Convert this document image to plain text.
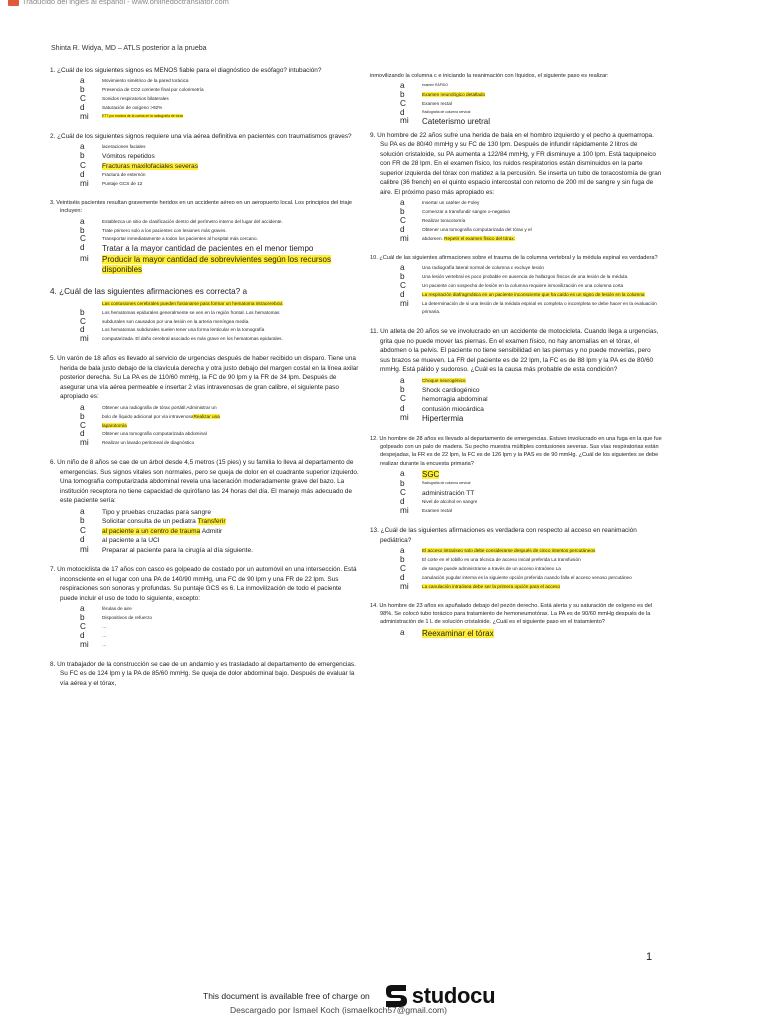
Traducido del inglés al español - www.onlinedoctranslator.com
Shinta R. Widya, MD – ATLS posterior a la prueba
1. ¿Cuál de los siguientes signos es MENOS fiable para el diagnóstico de esófago? intubación?
a	Movimiento simétrico de la pared torácica
b	Presencia de CO2 corriente final por colorimetría
C	Sonidos respiratorios bilaterales
d	Saturación de oxígeno >92%
mi	ETT por encima de la carina en la radiografía de tórax
2. ¿Cuál de los siguientes signos requiere una vía aérea definitiva en pacientes con traumatismos graves?
a	laceraciones faciales
b	Vómitos repetidos
C	Fracturas maxilofaciales severas
d	Fractura de esternón
mi	Puntaje GCS de 12
3. Veintiséis pacientes resultan gravemente heridos en un accidente aéreo en un aeropuerto local. Los principios del triaje incluyen:
a	Establezca un sitio de clasificación dentro del perímetro interno del lugar del accidente.
b	Trate primero solo a los pacientes con lesiones más graves.
C	Transportar inmediatamente a todos los pacientes al hospital más cercano.
d	Tratar a la mayor cantidad de pacientes en el menor tiempo
mi	Producir la mayor cantidad de sobrevivientes según los recursos disponibles
4. ¿Cuál de las siguientes afirmaciones es correcta? a
Las contusiones cerebrales pueden fusionarse para formar un hematoma intracerebral.
b	Los hematomas epidurales generalmente se ven en la región frontal. Los hematomas
C	subdurales son causados por una lesión en la arteria meníngea media.
d	Los hematomas subdurales suelen tener una forma lenticular en la tomografía
mi	computarizada. El daño cerebral asociado es más grave en los hematomas epidurales.
5. Un varón de 18 años es llevado al servicio de urgencias después de haber recibido un disparo. Tiene una herida de bala justo debajo de la clavícula derecha y otra justo debajo del margen costal en la línea axilar posterior derecha. Su La PA es de 110/60 mmHg, la FC de 90 lpm y la FR de 34 lpm. Después de asegurar una vía aérea permeable e insertar 2 vías intravenosas de gran calibre, el siguiente paso apropiado es:
a	Obtener una radiografía de tórax portátil Administrar un
b	bolo de líquido adicional por vía intravenosaRealizar una
C	laparotomía
d	Obtener una tomografía computarizada abdominal
mi	Realizar un lavado peritoneal de diagnóstico
6. Un niño de 8 años se cae de un árbol desde 4,5 metros (15 pies) y su familia lo lleva al departamento de emergencias. Sus signos vitales son normales, pero se queja de dolor en el cuadrante superior izquierdo. Una tomografía computarizada abdominal revela una laceración moderadamente grave del bazo. La institución receptora no tiene capacidad de quirófano las 24 horas del día. El manejo más adecuado de este paciente sería:
a	Tipo y pruebas cruzadas para sangre
b	Solicitar consulta de un pediatra Transferir
C	al paciente a un centro de trauma Admitir
d	al paciente a la UCI
mi	Preparar al paciente para la cirugía al día siguiente.
7. Un motociclista de 17 años con casco es golpeado de costado por un automóvil en una intersección. Está inconsciente en el lugar con una PA de 140/90 mmHg, una FC de 90 lpm y una FR de 22 lpm. Sus respiraciones son sonoras y profundas. Su puntaje GCS es 6. La inmovilización de todo el paciente puede incluir el uso de todo lo siguiente, excepto:
a	férulas de aire
b	Dispositivos de refuerzo
C	…
d	…
mi	…
8. Un trabajador de la construcción se cae de un andamio y es trasladado al departamento de emergencias. Su FC es de 124 lpm y la PA de 85/60 mmHg. Se queja de dolor abdominal bajo. Después de evaluar la vía aérea y el tórax,
inmovilizando la columna c e iniciando la reanimación con líquidos, el siguiente paso es realizar:
a	examen RÁPIDO
b	Examen neurológico detallado
C	Examen rectal
d	Radiografía de columna cervical
mi	Cateterismo uretral
9. Un hombre de 22 años sufre una herida de bala en el hombro izquierdo y el pecho a quemarropa. Su PA es de 80/40 mmHg y su FC de 130 lpm. Después de infundir rápidamente 2 litros de solución cristaloide, su PA aumenta a 122/84 mmHg, y FR disminuye a 100 lpm. Está taquipneico con FR de 28 lpm. En el examen físico, los ruidos respiratorios están disminuidos en la parte superior izquierda del tórax con matidez a la percusión. Se inserta un tubo de toracostomía de gran calibre (36 french) en el quinto espacio intercostal con retorno de 200 ml de sangre y sin fuga de aire. El próximo paso más apropiado es:
a	Insertar un catéter de Foley
b	Comenzar a transfundir sangre o-negativa
C	Realizar toracotomía
d	Obtener una tomografía computarizada del tórax y el
mi	abdomen. Repetir el examen físico del tórax.
10. ¿Cuál de las siguientes afirmaciones sobre el trauma de la columna vertebral y la médula espinal es verdadera?
a	Una radiografía lateral normal de columna c excluye lesión
b	Una lesión vertebral es poco probable en ausencia de hallazgos físicos de una lesión de la médula.
C	Un paciente con sospecha de lesión en la columna requiere inmovilización en una columna corta
d	La respiración diafragmática en un paciente inconsciente que ha caído es un signo de lesión en la columna
mi	La determinación de si una lesión de la médula espinal es completa o incompleta se debe hacer en la evaluación primaria.
11. Un atleta de 20 años se ve involucrado en un accidente de motocicleta. Cuando llega a urgencias, grita que no puede mover las piernas. En el examen físico, no hay anomalías en el tórax, el abdomen o la pelvis. El paciente no tiene sensibilidad en las piernas y no puede moverlas, pero sus brazos se mueven. La FR del paciente es de 22 lpm, la FC es de 88 lpm y la PA es de 80/60 mmHg. Está pálido y sudoroso. ¿Cuál es la causa más probable de esta condición?
a	Choque neurogénico
b	Shock cardiogénico
C	hemorragia abdominal
d	contusión miocárdica
mi	Hipertermia
12. Un hombre de 28 años es llevado al departamento de emergencias. Estuvo involucrado en una fuga en la que fue golpeado con un palo de madera. Su pecho muestra múltiples contusiones severas. Sus vías respiratorias están despejadas, la FR es de 22 lpm, la FC es de 126 lpm y la PAS es de 90 mmHg. ¿Cuál de los siguientes se debe realizar durante la encuesta primaria?
a	SGC
b	Radiografía de columna cervical
C	administración TT
d	Nivel de alcohol en sangre
mi	Examen rectal
13. ¿Cuál de las siguientes afirmaciones es verdadera con respecto al acceso en reanimación pediátrica?
a	El acceso intraóseo solo debe considerarse después de cinco intentos percutáneos
b	El corte en el tobillo es una técnica de acceso inicial preferida La transfusión
C	de sangre puede administrarse a través de un acceso intraóseo La
d	canulación yugular interna es la siguiente opción preferida cuando falla el acceso venoso percutáneo
mi	La canulación intraósea debe ser la primera opción para el acceso
14. Un hombre de 23 años es apuñalado debajo del pezón derecho. Está alerta y su saturación de oxígeno es del 98%. Se colocó tubo torácico para tratamiento de hemoneumotórax. La PA es de 90/60 mmHg después de la administración de 1 L de solución cristaloide. ¿Cuál es el siguiente paso en el tratamiento?
a	Reexaminar el tórax
1
This document is available free of charge on studocu
Descargado por Ismael Koch (ismaelkoch57@gmail.com)
